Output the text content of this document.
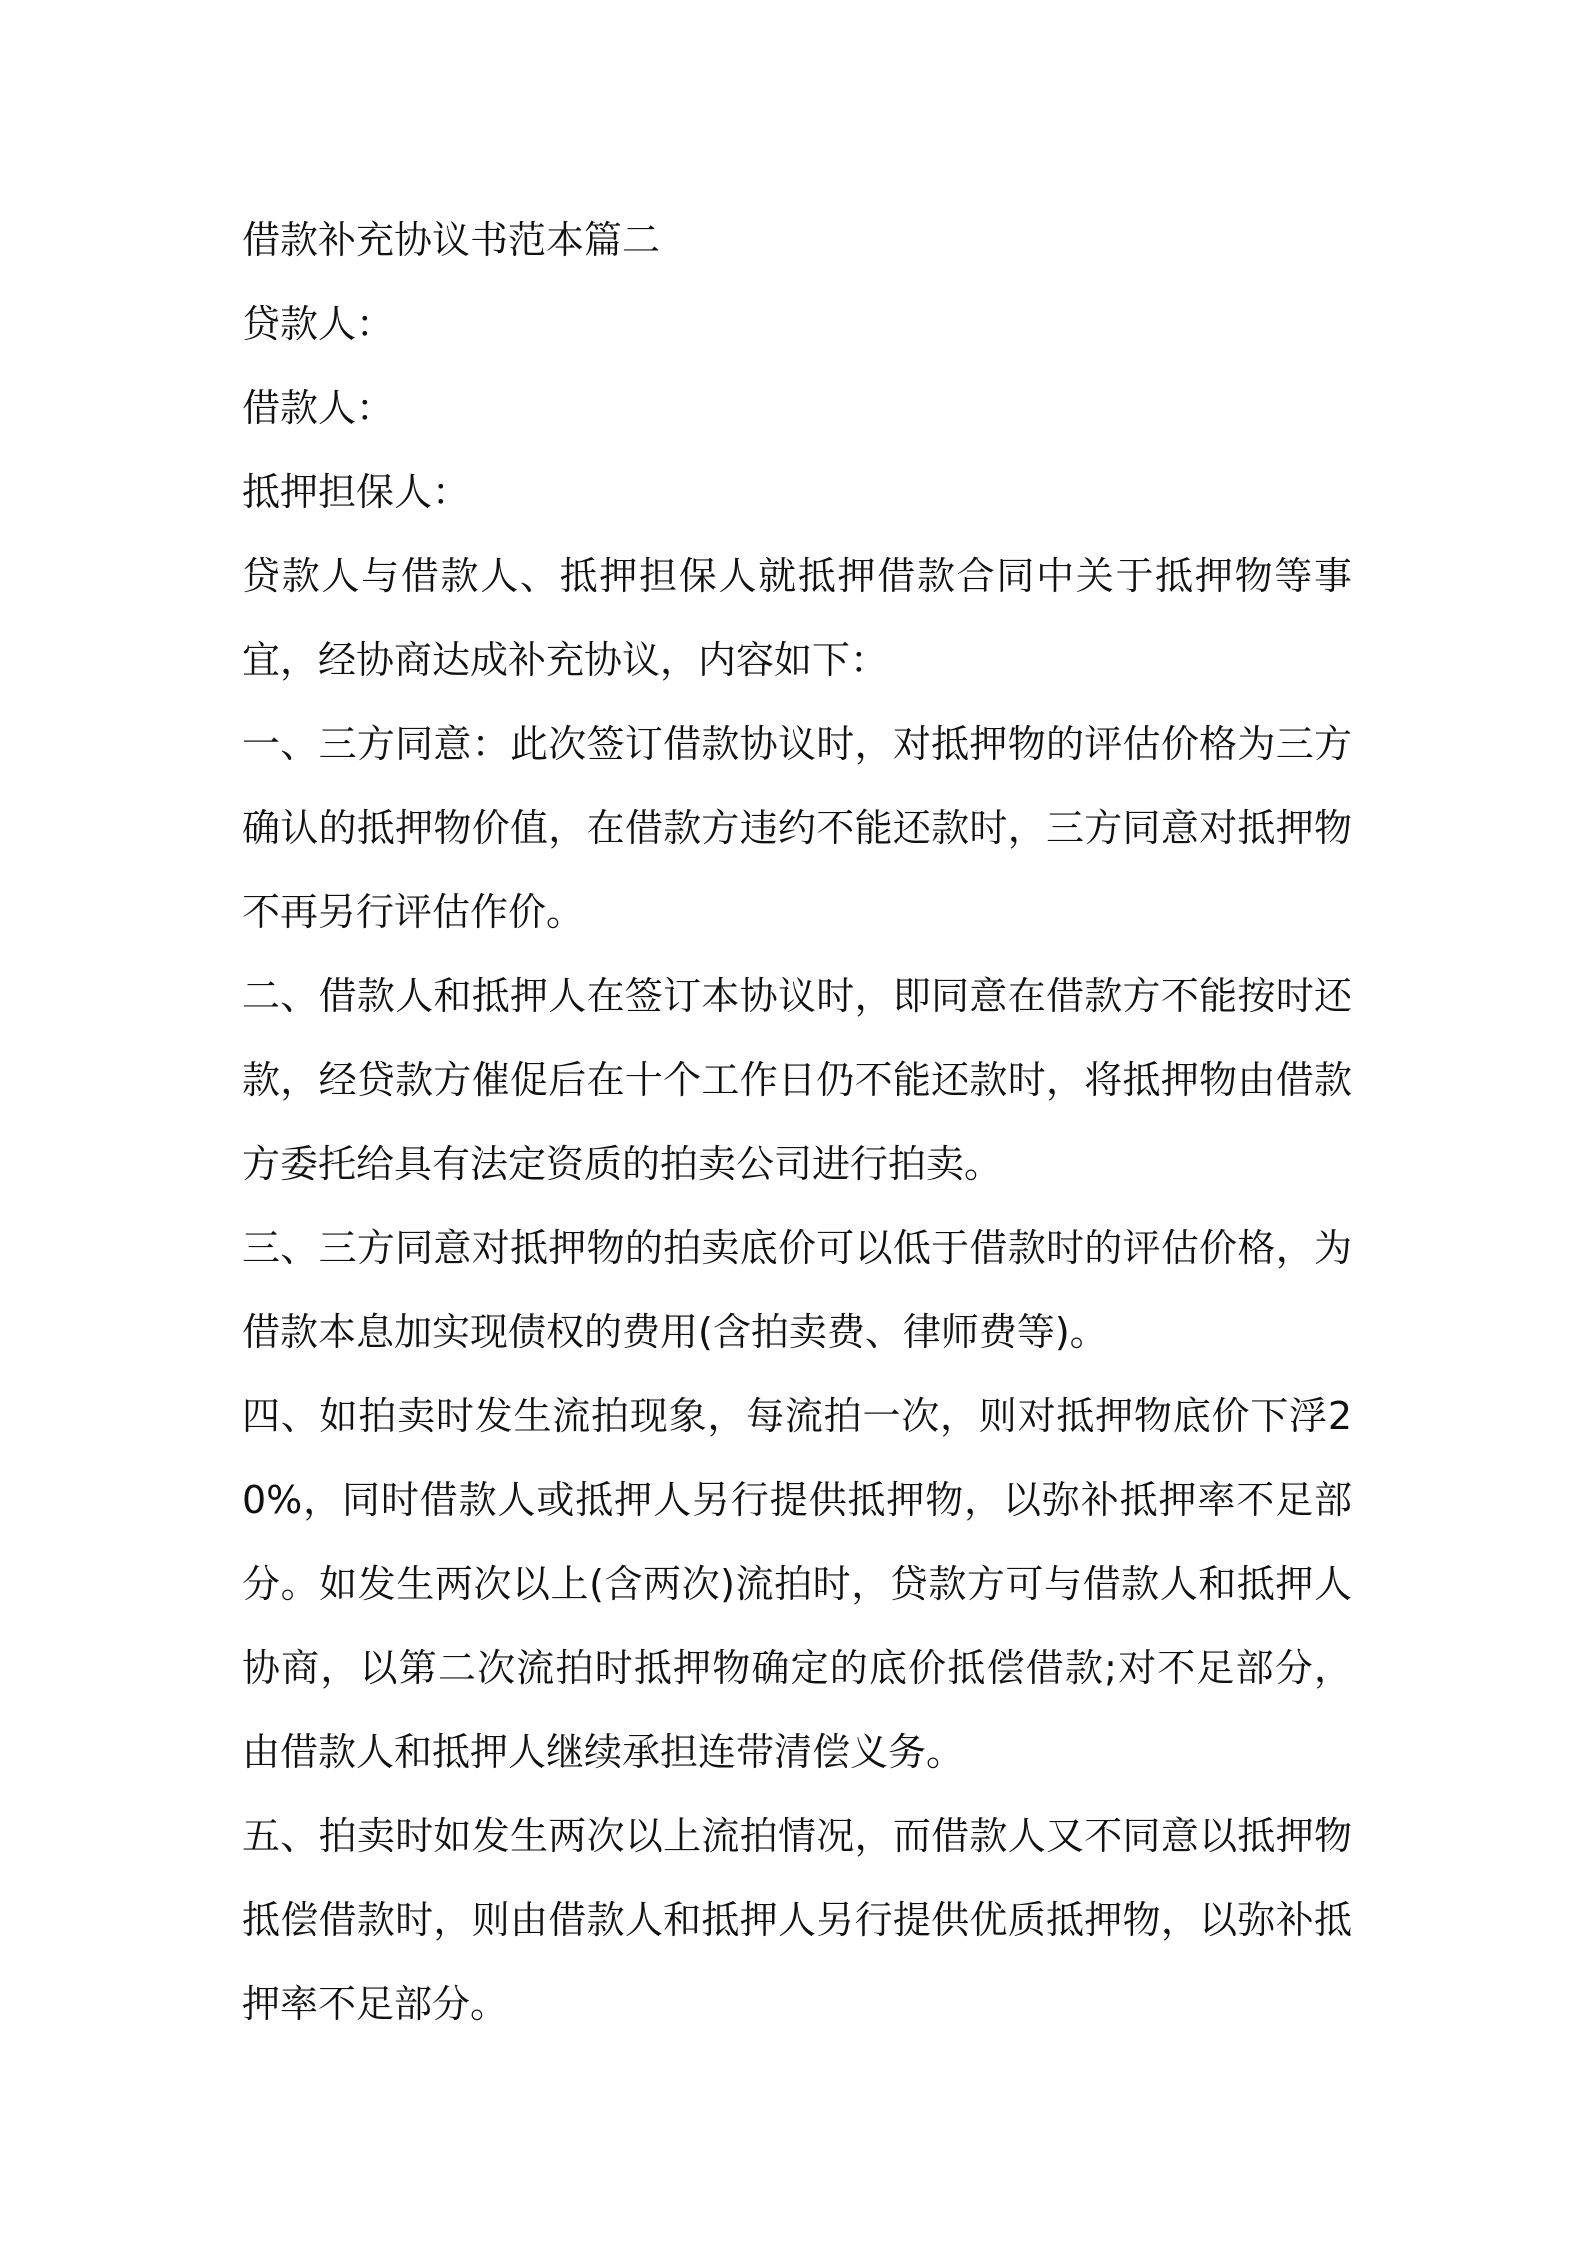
借款补充协议书范本篇二

贷款人：

借款人：

抵押担保人：

贷款人与借款人、抵押担保人就抵押借款合同中关于抵押物等事宜，经协商达成补充协议，内容如下：

一、三方同意：此次签订借款协议时，对抵押物的评估价格为三方确认的抵押物价值，在借款方违约不能还款时，三方同意对抵押物不再另行评估作价。

二、借款人和抵押人在签订本协议时，即同意在借款方不能按时还款，经贷款方催促后在十个工作日仍不能还款时，将抵押物由借款方委托给具有法定资质的拍卖公司进行拍卖。

三、三方同意对抵押物的拍卖底价可以低于借款时的评估价格，为借款本息加实现债权的费用(含拍卖费、律师费等)。

四、如拍卖时发生流拍现象，每流拍一次，则对抵押物底价下浮20%，同时借款人或抵押人另行提供抵押物，以弥补抵押率不足部分。如发生两次以上(含两次)流拍时，贷款方可与借款人和抵押人协商，以第二次流拍时抵押物确定的底价抵偿借款;对不足部分，由借款人和抵押人继续承担连带清偿义务。

五、拍卖时如发生两次以上流拍情况，而借款人又不同意以抵押物抵偿借款时，则由借款人和抵押人另行提供优质抵押物，以弥补抵押率不足部分。
